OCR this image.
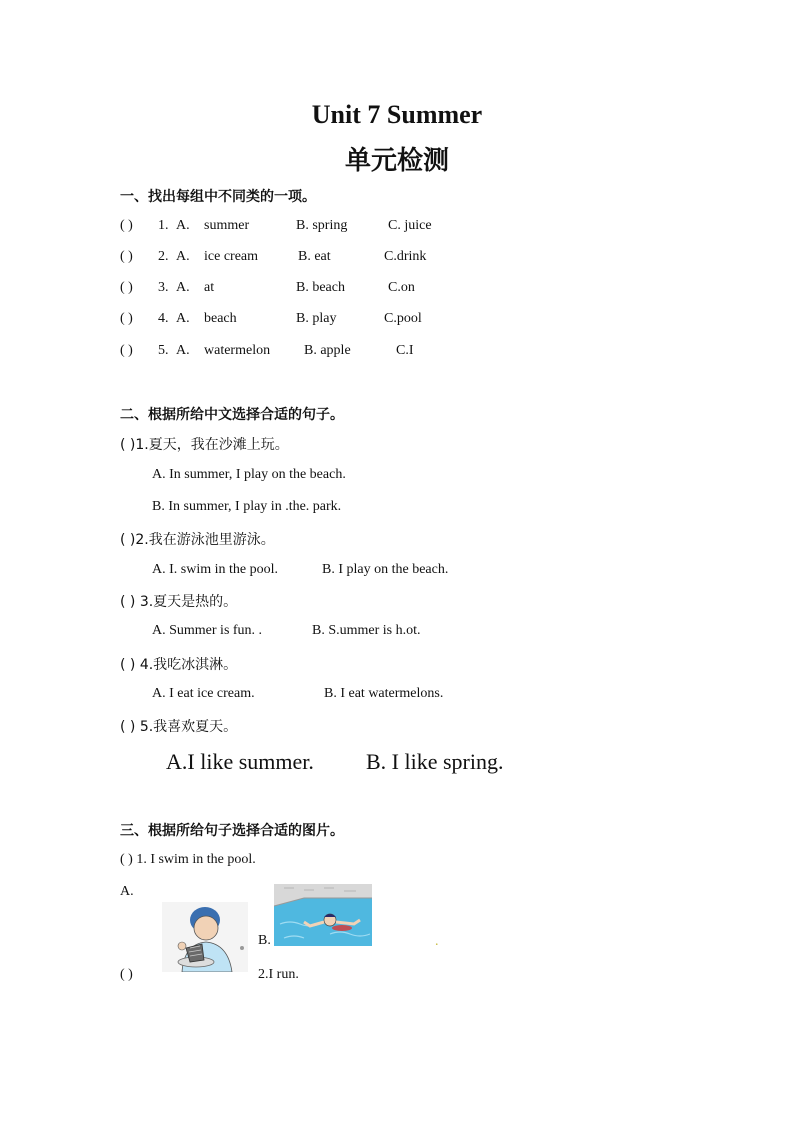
Unit 7 Summer
单元检测
一、找出每组中不同类的一项。
( ) 1. A. summer	B. spring	C. juice
( ) 2. A. ice cream	B. eat	C.drink
( ) 3. A. at	B. beach	C.on
( ) 4. A. beach	B. play	C.pool
( ) 5. A. watermelon B. apple	C.I
二、根据所给中文选择合适的句子。
( )1.夏天，我在沙滩上玩。
A. In summer, I play on the beach.
B. In summer, I play in .the. park.
( )2.我在游泳池里游泳。
A. I. swim in the pool.	B. I play on the beach.
( ) 3.夏天是热的。
A. Summer is fun. .	B. S.ummer is h.ot.
( ) 4.我吃冰淇淋。
A. I eat ice cream.	B. I eat watermelons.
( ) 5.我喜欢夏天。
A.I like summer. B. I like spring.
三、根据所给句子选择合适的图片。
( ) 1. I swim in the pool.
A.
B.	.
( )	2.I run.
